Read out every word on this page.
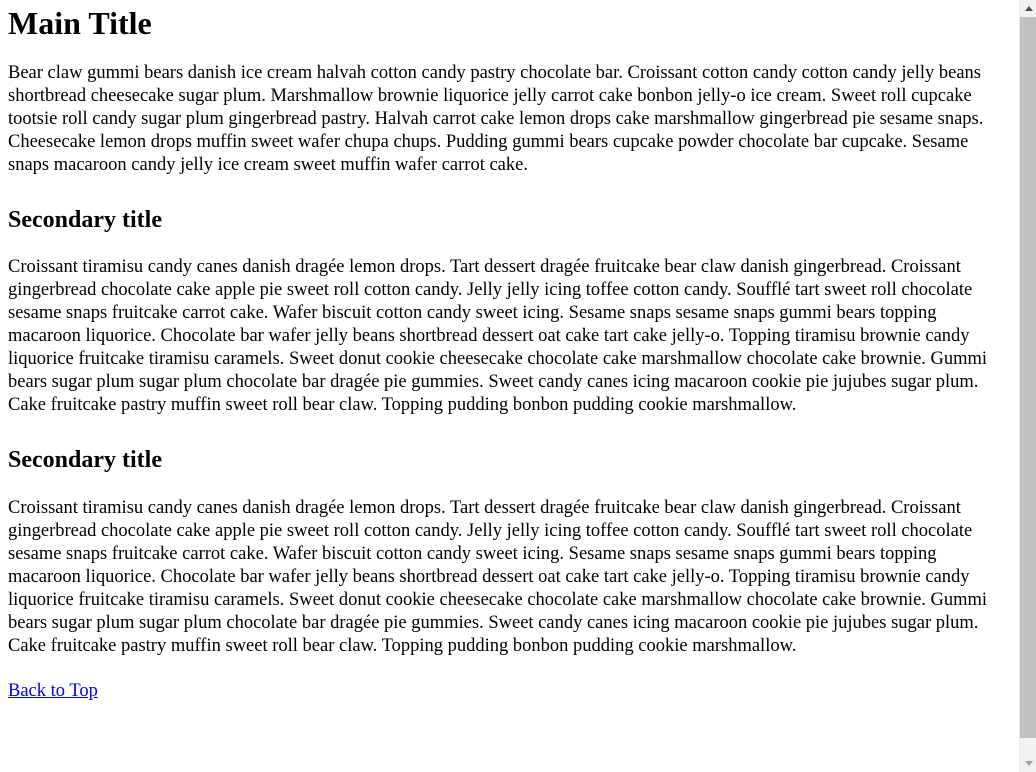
Main Title

Bear claw gummi bears danish ice cream halvah cotton candy pastry chocolate bar. Croissant cotton candy cotton candy jelly beans shortbread cheesecake sugar plum. Marshmallow brownie liquorice jelly carrot cake bonbon jelly-o ice cream. Sweet roll cupcake tootsie roll candy sugar plum gingerbread pastry. Halvah carrot cake lemon drops cake marshmallow gingerbread pie sesame snaps. Cheesecake lemon drops muffin sweet wafer chupa chups. Pudding gummi bears cupcake powder chocolate bar cupcake. Sesame snaps macaroon candy jelly ice cream sweet muffin wafer carrot cake.

Secondary title

Croissant tiramisu candy canes danish dragée lemon drops. Tart dessert dragée fruitcake bear claw danish gingerbread. Croissant gingerbread chocolate cake apple pie sweet roll cotton candy. Jelly jelly icing toffee cotton candy. Soufflé tart sweet roll chocolate sesame snaps fruitcake carrot cake. Wafer biscuit cotton candy sweet icing. Sesame snaps sesame snaps gummi bears topping macaroon liquorice. Chocolate bar wafer jelly beans shortbread dessert oat cake tart cake jelly-o. Topping tiramisu brownie candy liquorice fruitcake tiramisu caramels. Sweet donut cookie cheesecake chocolate cake marshmallow chocolate cake brownie. Gummi bears sugar plum sugar plum chocolate bar dragée pie gummies. Sweet candy canes icing macaroon cookie pie jujubes sugar plum. Cake fruitcake pastry muffin sweet roll bear claw. Topping pudding bonbon pudding cookie marshmallow.

Secondary title

Croissant tiramisu candy canes danish dragée lemon drops. Tart dessert dragée fruitcake bear claw danish gingerbread. Croissant gingerbread chocolate cake apple pie sweet roll cotton candy. Jelly jelly icing toffee cotton candy. Soufflé tart sweet roll chocolate sesame snaps fruitcake carrot cake. Wafer biscuit cotton candy sweet icing. Sesame snaps sesame snaps gummi bears topping macaroon liquorice. Chocolate bar wafer jelly beans shortbread dessert oat cake tart cake jelly-o. Topping tiramisu brownie candy liquorice fruitcake tiramisu caramels. Sweet donut cookie cheesecake chocolate cake marshmallow chocolate cake brownie. Gummi bears sugar plum sugar plum chocolate bar dragée pie gummies. Sweet candy canes icing macaroon cookie pie jujubes sugar plum. Cake fruitcake pastry muffin sweet roll bear claw. Topping pudding bonbon pudding cookie marshmallow.

Back to Top
